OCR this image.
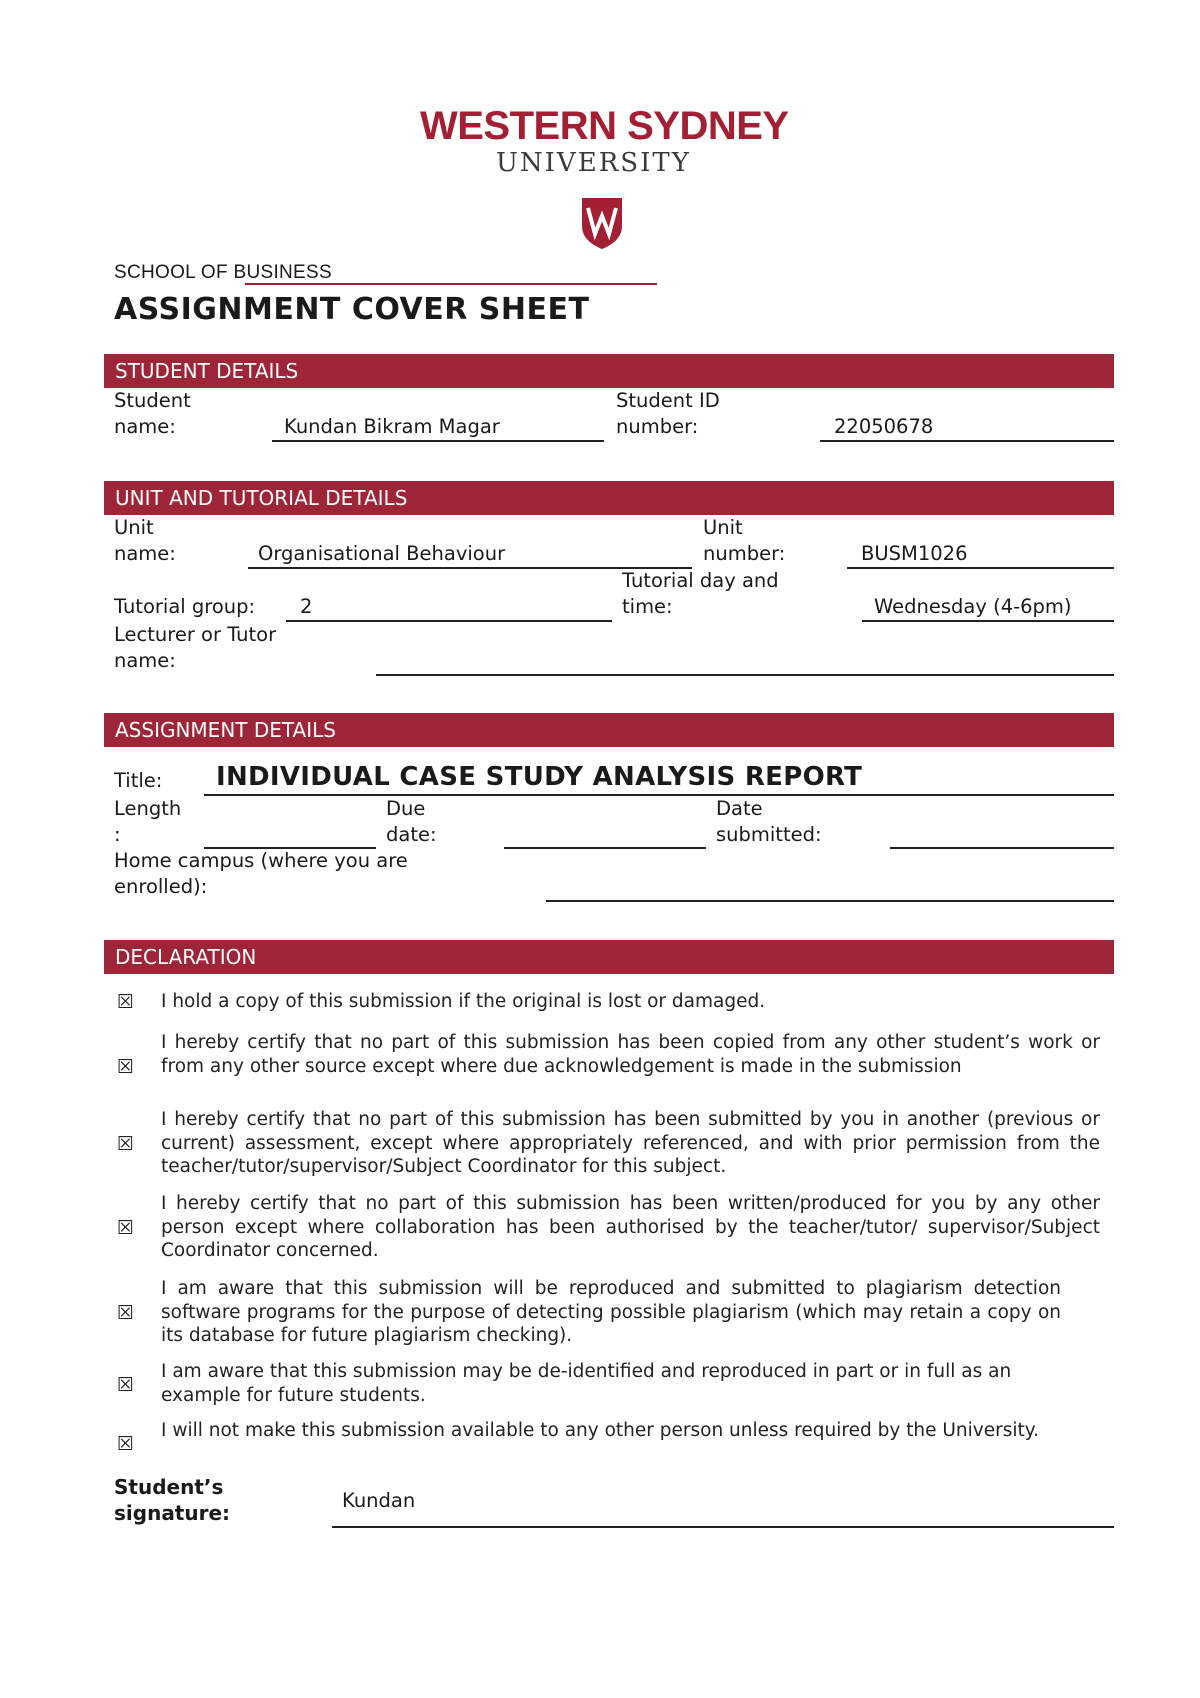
WESTERN SYDNEY
UNIVERSITY
SCHOOL OF BUSINESS
ASSIGNMENT COVER SHEET
STUDENT DETAILS
Student
name:	Kundan Bikram Magar
Student ID
number:	22050678
UNIT AND TUTORIAL DETAILS
Unit
name:	Organisational Behaviour
Unit
number:	BUSM1026
Tutorial group: 2
Tutorial day and
time:	Wednesday (4-6pm)
Lecturer or Tutor
name:
ASSIGNMENT DETAILS
Title: INDIVIDUAL CASE STUDY ANALYSIS REPORT
Length
:
Due
date:
Date
submitted:
Home campus (where you are
enrolled):
DECLARATION
☒ I hold a copy of this submission if the original is lost or damaged.
☒
I hereby certify that no part of this submission has been copied from any other student’s work or from any other source except where due acknowledgement is made in the submission
☒
I hereby certify that no part of this submission has been submitted by you in another (previous or current) assessment, except where appropriately referenced, and with prior permission from the teacher/tutor/supervisor/Subject Coordinator for this subject.
☒
I hereby certify that no part of this submission has been written/produced for you by any other person except where collaboration has been authorised by the teacher/tutor/ supervisor/Subject Coordinator concerned.
☒
I am aware that this submission will be reproduced and submitted to plagiarism detection software programs for the purpose of detecting possible plagiarism (which may retain a copy on its database for future plagiarism checking).
☒
I am aware that this submission may be de-identified and reproduced in part or in full as an example for future students.
☒
I will not make this submission available to any other person unless required by the University.
Student’s
signature:
Kundan
